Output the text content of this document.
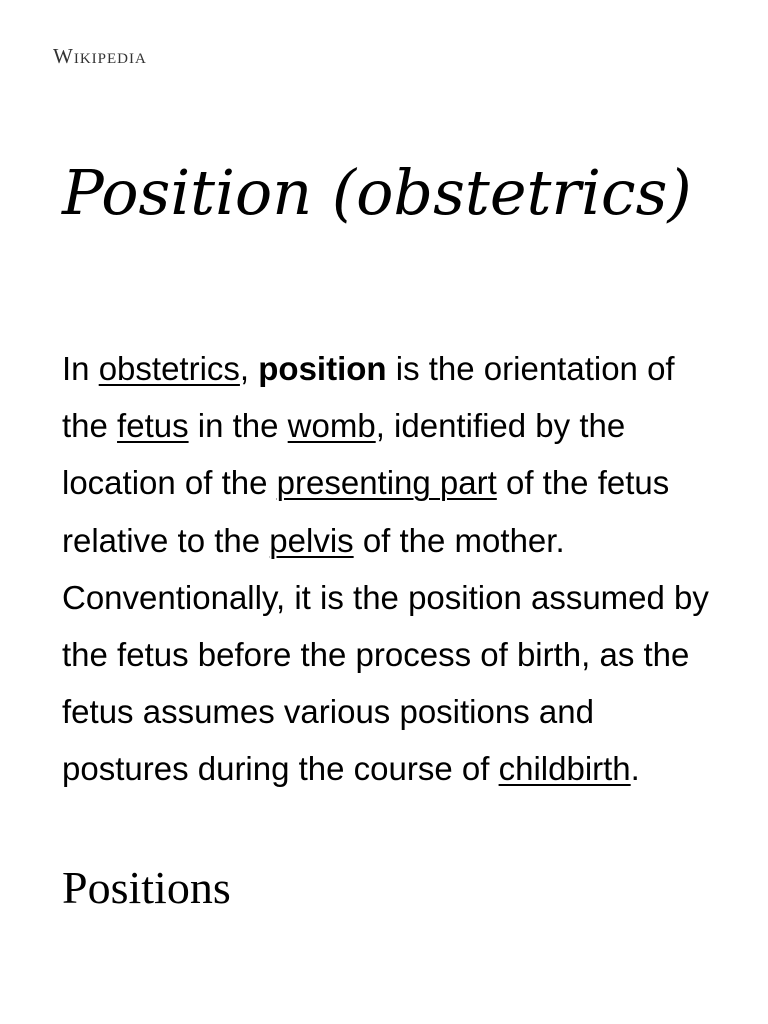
Wikipedia
Position (obstetrics)

In obstetrics, position is the orientation of the fetus in the womb, identified by the location of the presenting part of the fetus relative to the pelvis of the mother. Conventionally, it is the position assumed by the fetus before the process of birth, as the fetus assumes various positions and postures during the course of childbirth.

Positions
